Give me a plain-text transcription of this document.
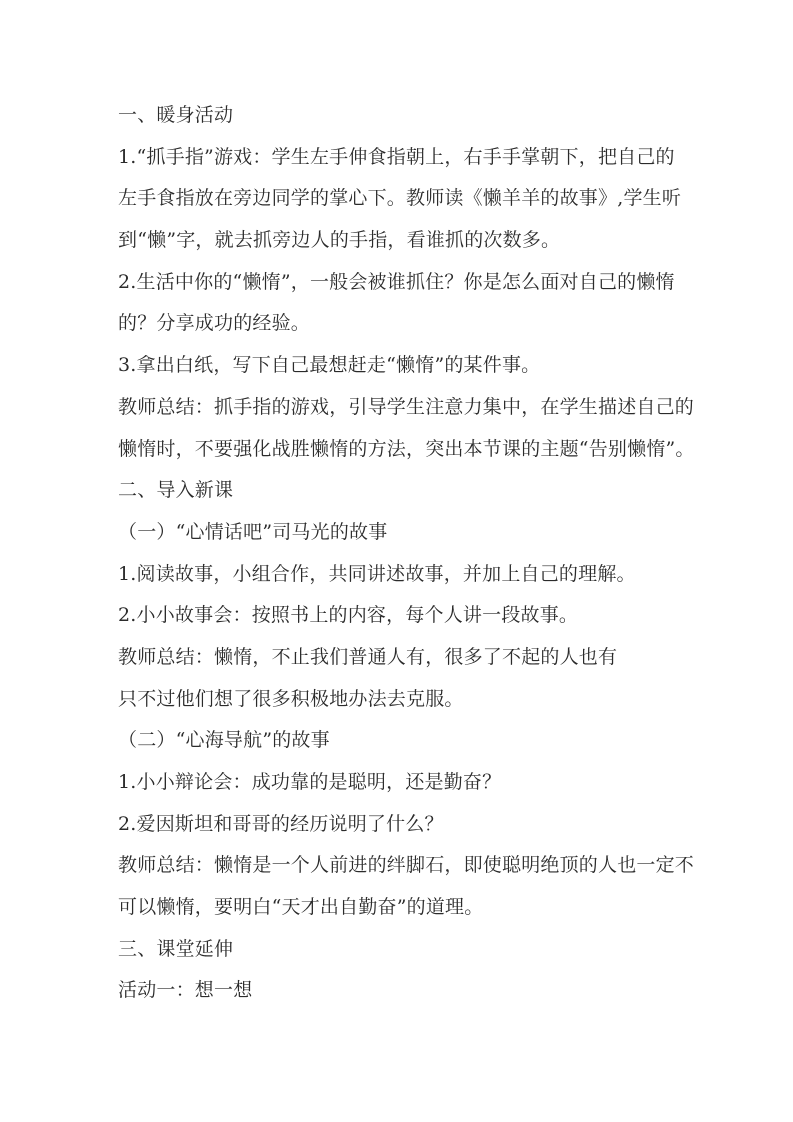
一、暖身活动

1.“抓手指”游戏：学生左手伸食指朝上，右手手掌朝下，把自己的

左手食指放在旁边同学的掌心下。教师读《懒羊羊的故事》,学生听

到“懒”字，就去抓旁边人的手指，看谁抓的次数多。

2.生活中你的“懒惰”，一般会被谁抓住？你是怎么面对自己的懒惰

的？分享成功的经验。

3.拿出白纸，写下自己最想赶走“懒惰”的某件事。

教师总结：抓手指的游戏，引导学生注意力集中，在学生描述自己的

懒惰时，不要强化战胜懒惰的方法，突出本节课的主题“告别懒惰”。

二、导入新课

（一）“心情话吧”司马光的故事

1.阅读故事，小组合作，共同讲述故事，并加上自己的理解。

2.小小故事会：按照书上的内容，每个人讲一段故事。

教师总结：懒惰，不止我们普通人有，很多了不起的人也有

只不过他们想了很多积极地办法去克服。

（二）“心海导航”的故事

1.小小辩论会：成功靠的是聪明，还是勤奋？

2.爱因斯坦和哥哥的经历说明了什么？

教师总结：懒惰是一个人前进的绊脚石，即使聪明绝顶的人也一定不

可以懒惰，要明白“天才出自勤奋”的道理。

三、课堂延伸

活动一：想一想
